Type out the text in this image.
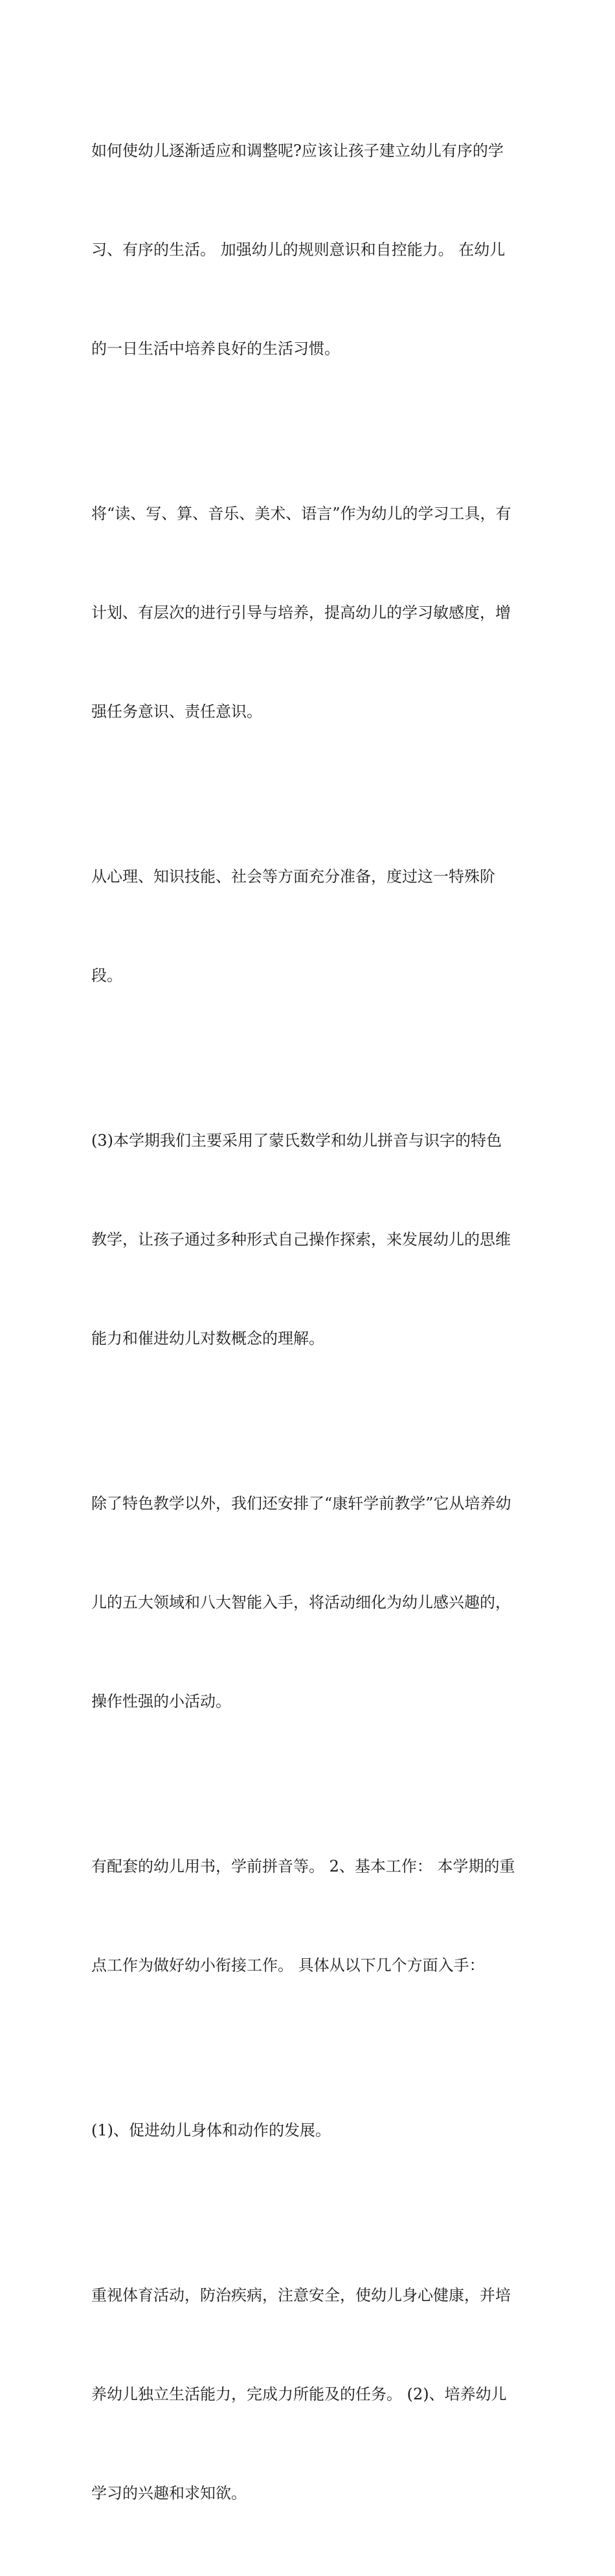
如何使幼儿逐渐适应和调整呢?应该让孩子建立幼儿有序的学

习、有序的生活。 加强幼儿的规则意识和自控能力。 在幼儿

的一日生活中培养良好的生活习惯。

将“读、写、算、音乐、美术、语言”作为幼儿的学习工具，有

计划、有层次的进行引导与培养，提高幼儿的学习敏感度，增

强任务意识、责任意识。

从心理、知识技能、社会等方面充分准备，度过这一特殊阶

段。

(3)本学期我们主要采用了蒙氏数学和幼儿拼音与识字的特色

教学，让孩子通过多种形式自己操作探索，来发展幼儿的思维

能力和催进幼儿对数概念的理解。

除了特色教学以外，我们还安排了“康轩学前教学”它从培养幼

儿的五大领域和八大智能入手，将活动细化为幼儿感兴趣的，

操作性强的小活动。

有配套的幼儿用书，学前拼音等。 2、基本工作： 本学期的重

点工作为做好幼小衔接工作。 具体从以下几个方面入手：

(1)、促进幼儿身体和动作的发展。

重视体育活动，防治疾病，注意安全，使幼儿身心健康，并培

养幼儿独立生活能力，完成力所能及的任务。 (2)、培养幼儿

学习的兴趣和求知欲。
